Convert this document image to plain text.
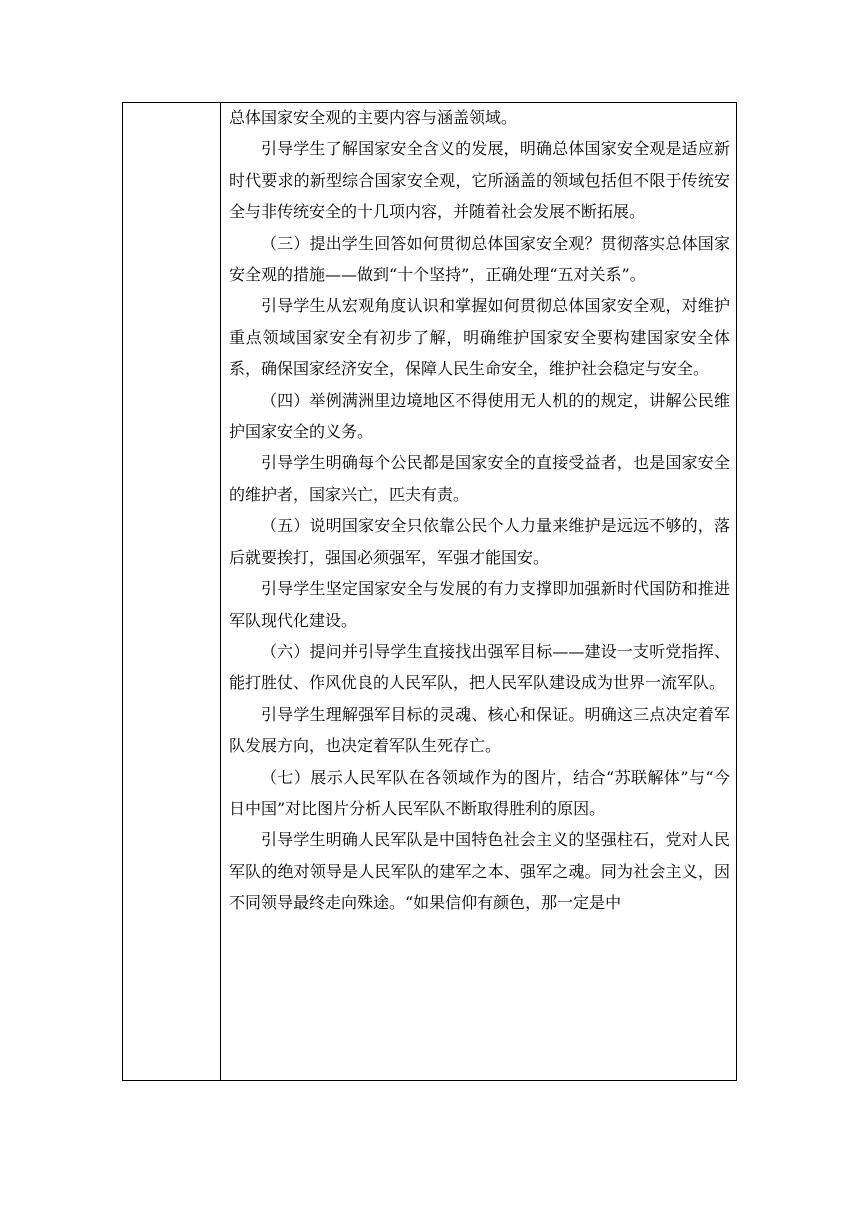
总体国家安全观的主要内容与涵盖领域。

引导学生了解国家安全含义的发展，明确总体国家安全观是适应新时代要求的新型综合国家安全观，它所涵盖的领域包括但不限于传统安全与非传统安全的十几项内容，并随着社会发展不断拓展。

（三）提出学生回答如何贯彻总体国家安全观？贯彻落实总体国家安全观的措施——做到“十个坚持”，正确处理“五对关系”。

引导学生从宏观角度认识和掌握如何贯彻总体国家安全观，对维护重点领域国家安全有初步了解，明确维护国家安全要构建国家安全体系，确保国家经济安全，保障人民生命安全，维护社会稳定与安全。

（四）举例满洲里边境地区不得使用无人机的的规定，讲解公民维护国家安全的义务。

引导学生明确每个公民都是国家安全的直接受益者，也是国家安全的维护者，国家兴亡，匹夫有责。

（五）说明国家安全只依靠公民个人力量来维护是远远不够的，落后就要挨打，强国必须强军，军强才能国安。

引导学生坚定国家安全与发展的有力支撑即加强新时代国防和推进军队现代化建设。

（六）提问并引导学生直接找出强军目标——建设一支听党指挥、能打胜仗、作风优良的人民军队，把人民军队建设成为世界一流军队。

引导学生理解强军目标的灵魂、核心和保证。明确这三点决定着军队发展方向，也决定着军队生死存亡。

（七）展示人民军队在各领域作为的图片，结合“苏联解体”与“今日中国”对比图片分析人民军队不断取得胜利的原因。

引导学生明确人民军队是中国特色社会主义的坚强柱石，党对人民军队的绝对领导是人民军队的建军之本、强军之魂。同为社会主义，因不同领导最终走向殊途。“如果信仰有颜色，那一定是中
